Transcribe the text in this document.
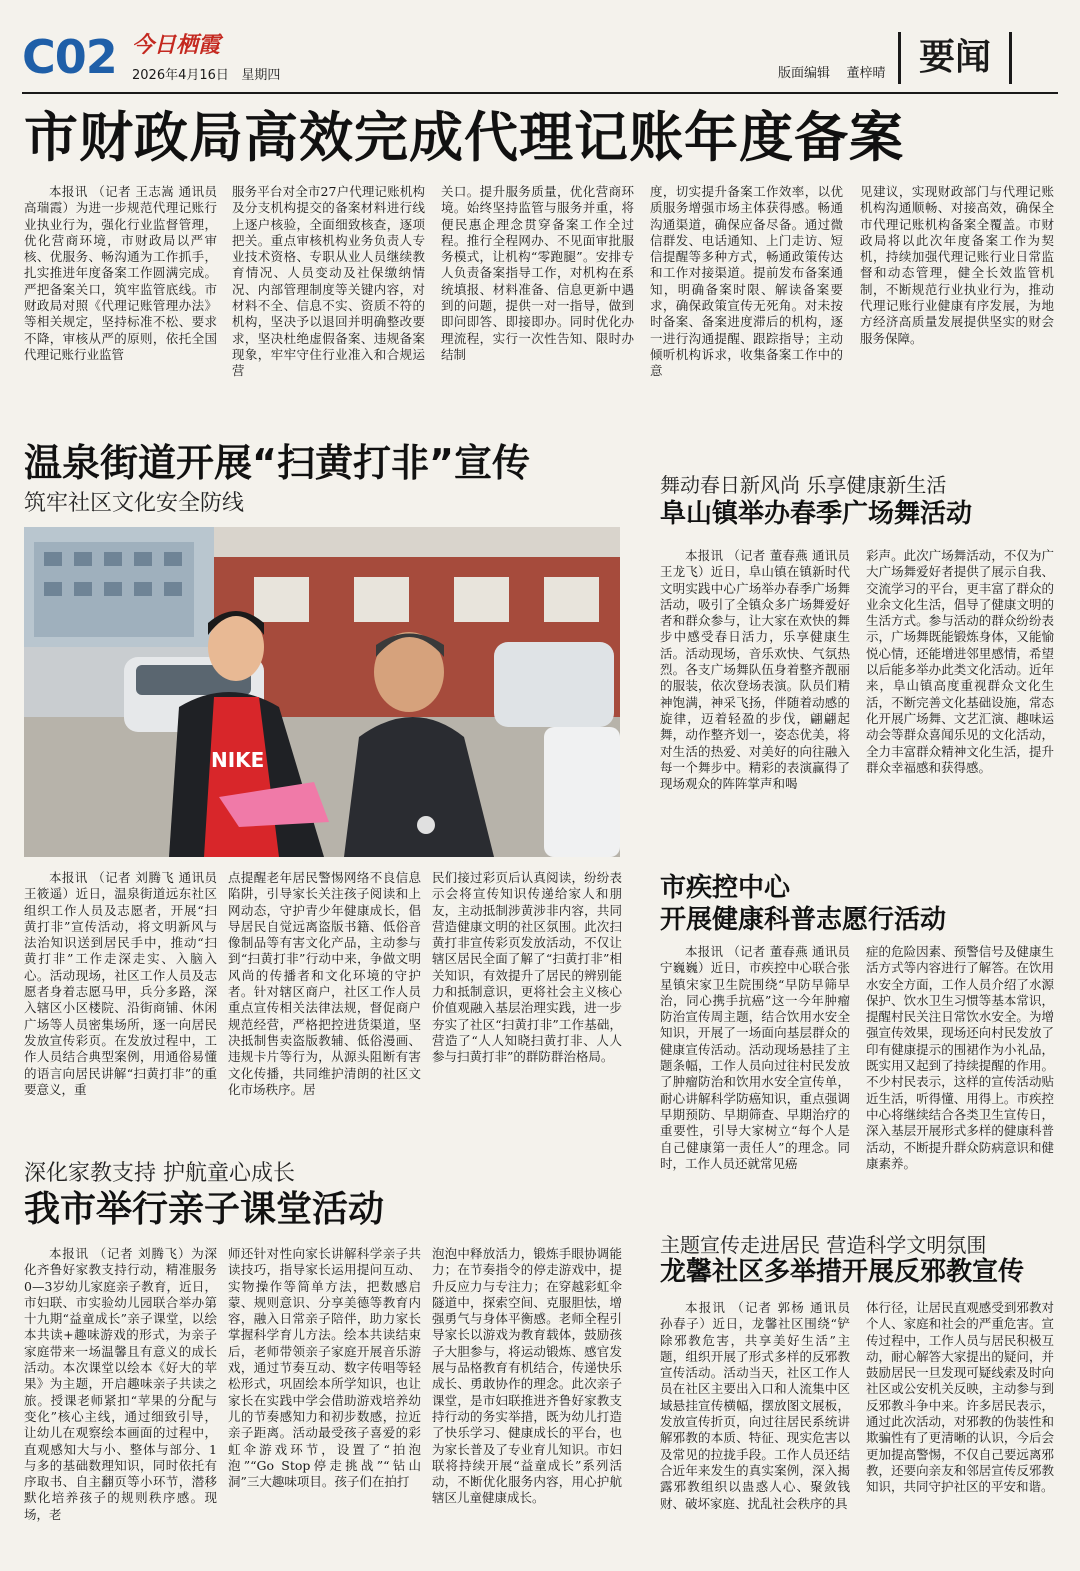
C02 今日栖霞
2026年4月16日 星期四	版面编辑 董梓晴 要闻
市财政局高效完成代理记账年度备案

本报讯 （记者 王志嵩 通讯员 高瑞霞）为进一步规范代理记账行业执业行为，强化行业监督管理，优化营商环境，市财政局以严审核、优服务、畅沟通为工作抓手，扎实推进年度备案工作圆满完成。严把备案关口，筑牢监管底线。市财政局对照《代理记账管理办法》等相关规定，坚持标准不松、要求不降，审核从严的原则，依托全国代理记账行业监管

服务平台对全市27户代理记账机构及分支机构提交的备案材料进行线上逐户核验，全面细致核查，逐项把关。重点审核机构业务负责人专业技术资格、专职从业人员继续教育情况、人员变动及社保缴纳情况、内部管理制度等关键内容，对材料不全、信息不实、资质不符的机构，坚决予以退回并明确整改要求，坚决杜绝虚假备案、违规备案现象，牢牢守住行业准入和合规运营

关口。提升服务质量，优化营商环境。始终坚持监管与服务并重，将便民惠企理念贯穿备案工作全过程。推行全程网办、不见面审批服务模式，让机构“零跑腿”。安排专人负责备案指导工作，对机构在系统填报、材料准备、信息更新中遇到的问题，提供一对一指导，做到即问即答、即接即办。同时优化办理流程，实行一次性告知、限时办结制

度，切实提升备案工作效率，以优质服务增强市场主体获得感。畅通沟通渠道，确保应备尽备。通过微信群发、电话通知、上门走访、短信提醒等多种方式，畅通政策传达和工作对接渠道。提前发布备案通知，明确备案时限、解读备案要求，确保政策宣传无死角。对未按时备案、备案进度滞后的机构，逐一进行沟通提醒、跟踪指导；主动倾听机构诉求，收集备案工作中的意

见建议，实现财政部门与代理记账机构沟通顺畅、对接高效，确保全市代理记账机构备案全覆盖。市财政局将以此次年度备案工作为契机，持续加强代理记账行业日常监督和动态管理，健全长效监管机制，不断规范行业执业行为，推动代理记账行业健康有序发展，为地方经济高质量发展提供坚实的财会服务保障。

温泉街道开展“扫黄打非”宣传
筑牢社区文化安全防线
NIKE

本报讯 （记者 刘腾飞 通讯员 王筱遥）近日，温泉街道远东社区组织工作人员及志愿者，开展“扫黄打非”宣传活动，将文明新风与法治知识送到居民手中，推动“扫黄打非”工作走深走实、入脑入心。活动现场，社区工作人员及志愿者身着志愿马甲，兵分多路，深入辖区小区楼院、沿街商铺、休闲广场等人员密集场所，逐一向居民发放宣传彩页。在发放过程中，工作人员结合典型案例，用通俗易懂的语言向居民讲解“扫黄打非”的重要意义，重

点提醒老年居民警惕网络不良信息陷阱，引导家长关注孩子阅读和上网动态，守护青少年健康成长，倡导居民自觉远离盗版书籍、低俗音像制品等有害文化产品，主动参与到“扫黄打非”行动中来，争做文明风尚的传播者和文化环境的守护者。针对辖区商户，社区工作人员重点宣传相关法律法规，督促商户规范经营，严格把控进货渠道，坚决抵制售卖盗版教辅、低俗漫画、违规卡片等行为，从源头阻断有害文化传播，共同维护清朗的社区文化市场秩序。居

民们接过彩页后认真阅读，纷纷表示会将宣传知识传递给家人和朋友，主动抵制涉黄涉非内容，共同营造健康文明的社区氛围。此次扫黄打非宣传彩页发放活动，不仅让辖区居民全面了解了“扫黄打非”相关知识，有效提升了居民的辨别能力和抵制意识，更将社会主义核心价值观融入基层治理实践，进一步夯实了社区“扫黄打非”工作基础，营造了“人人知晓扫黄打非、人人参与扫黄打非”的群防群治格局。

舞动春日新风尚 乐享健康新生活
阜山镇举办春季广场舞活动

本报讯 （记者 董春燕 通讯员 王龙飞）近日，阜山镇在镇新时代文明实践中心广场举办春季广场舞活动，吸引了全镇众多广场舞爱好者和群众参与，让大家在欢快的舞步中感受春日活力，乐享健康生活。活动现场，音乐欢快、气氛热烈。各支广场舞队伍身着整齐靓丽的服装，依次登场表演。队员们精神饱满，神采飞扬，伴随着动感的旋律，迈着轻盈的步伐，翩翩起舞，动作整齐划一，姿态优美，将对生活的热爱、对美好的向往融入每一个舞步中。精彩的表演赢得了现场观众的阵阵掌声和喝

彩声。此次广场舞活动，不仅为广大广场舞爱好者提供了展示自我、交流学习的平台，更丰富了群众的业余文化生活，倡导了健康文明的生活方式。参与活动的群众纷纷表示，广场舞既能锻炼身体，又能愉悦心情，还能增进邻里感情，希望以后能多举办此类文化活动。近年来，阜山镇高度重视群众文化生活，不断完善文化基础设施，常态化开展广场舞、文艺汇演、趣味运动会等群众喜闻乐见的文化活动，全力丰富群众精神文化生活，提升群众幸福感和获得感。

市疾控中心
开展健康科普志愿行活动

本报讯 （记者 董春燕 通讯员 宁巍巍）近日，市疾控中心联合张星镇宋家卫生院围绕“早防早筛早治，同心携手抗癌”这一今年肿瘤防治宣传周主题，结合饮用水安全知识，开展了一场面向基层群众的健康宣传活动。活动现场悬挂了主题条幅，工作人员向过往村民发放了肿瘤防治和饮用水安全宣传单，耐心讲解科学防癌知识，重点强调早期预防、早期筛查、早期治疗的重要性，引导大家树立“每个人是自己健康第一责任人”的理念。同时，工作人员还就常见癌

症的危险因素、预警信号及健康生活方式等内容进行了解答。在饮用水安全方面，工作人员介绍了水源保护、饮水卫生习惯等基本常识，提醒村民关注日常饮水安全。为增强宣传效果，现场还向村民发放了印有健康提示的围裙作为小礼品，既实用又起到了持续提醒的作用。不少村民表示，这样的宣传活动贴近生活，听得懂、用得上。市疾控中心将继续结合各类卫生宣传日，深入基层开展形式多样的健康科普活动，不断提升群众防病意识和健康素养。

深化家教支持 护航童心成长
我市举行亲子课堂活动

本报讯 （记者 刘腾飞）为深化齐鲁好家教支持行动，精准服务0—3岁幼儿家庭亲子教育，近日，市妇联、市实验幼儿园联合举办第十九期“益童成长”亲子课堂，以绘本共读+趣味游戏的形式，为亲子家庭带来一场温馨且有意义的成长活动。本次课堂以绘本《好大的苹果》为主题，开启趣味亲子共读之旅。授课老师紧扣“苹果的分配与变化”核心主线，通过细致引导，让幼儿在观察绘本画面的过程中，直观感知大与小、整体与部分、1与多的基础数理知识，同时依托有序取书、自主翻页等小环节，潜移默化培养孩子的规则秩序感。现场，老

师还针对性向家长讲解科学亲子共读技巧，指导家长运用提问互动、实物操作等简单方法，把数感启蒙、规则意识、分享美德等教育内容，融入日常亲子陪伴，助力家长掌握科学育儿方法。绘本共读结束后，老师带领亲子家庭开展音乐游戏，通过节奏互动、数字传唱等轻松形式，巩固绘本所学知识，也让家长在实践中学会借助游戏培养幼儿的节奏感知力和初步数感，拉近亲子距离。活动最受孩子喜爱的彩虹伞游戏环节，设置了“拍泡泡”“Go Stop停走挑战”“钻山洞”三大趣味项目。孩子们在拍打

泡泡中释放活力，锻炼手眼协调能力；在节奏指令的停走游戏中，提升反应力与专注力；在穿越彩虹伞隧道中，探索空间、克服胆怯，增强勇气与身体平衡感。老师全程引导家长以游戏为教育载体，鼓励孩子大胆参与，将运动锻炼、感官发展与品格教育有机结合，传递快乐成长、勇敢协作的理念。此次亲子课堂，是市妇联推进齐鲁好家教支持行动的务实举措，既为幼儿打造了快乐学习、健康成长的平台，也为家长普及了专业育儿知识。市妇联将持续开展“益童成长”系列活动，不断优化服务内容，用心护航辖区儿童健康成长。

主题宣传走进居民 营造科学文明氛围
龙馨社区多举措开展反邪教宣传

本报讯 （记者 郭杨 通讯员 孙春子）近日，龙馨社区围绕“铲除邪教危害，共享美好生活”主题，组织开展了形式多样的反邪教宣传活动。活动当天，社区工作人员在社区主要出入口和人流集中区域悬挂宣传横幅，摆放图文展板，发放宣传折页，向过往居民系统讲解邪教的本质、特征、现实危害以及常见的拉拢手段。工作人员还结合近年来发生的真实案例，深入揭露邪教组织以蛊惑人心、聚敛钱财、破坏家庭、扰乱社会秩序的具

体行径，让居民直观感受到邪教对个人、家庭和社会的严重危害。宣传过程中，工作人员与居民积极互动，耐心解答大家提出的疑问，并鼓励居民一旦发现可疑线索及时向社区或公安机关反映，主动参与到反邪教斗争中来。许多居民表示，通过此次活动，对邪教的伪装性和欺骗性有了更清晰的认识，今后会更加提高警惕，不仅自己要远离邪教，还要向亲友和邻居宣传反邪教知识，共同守护社区的平安和谐。
